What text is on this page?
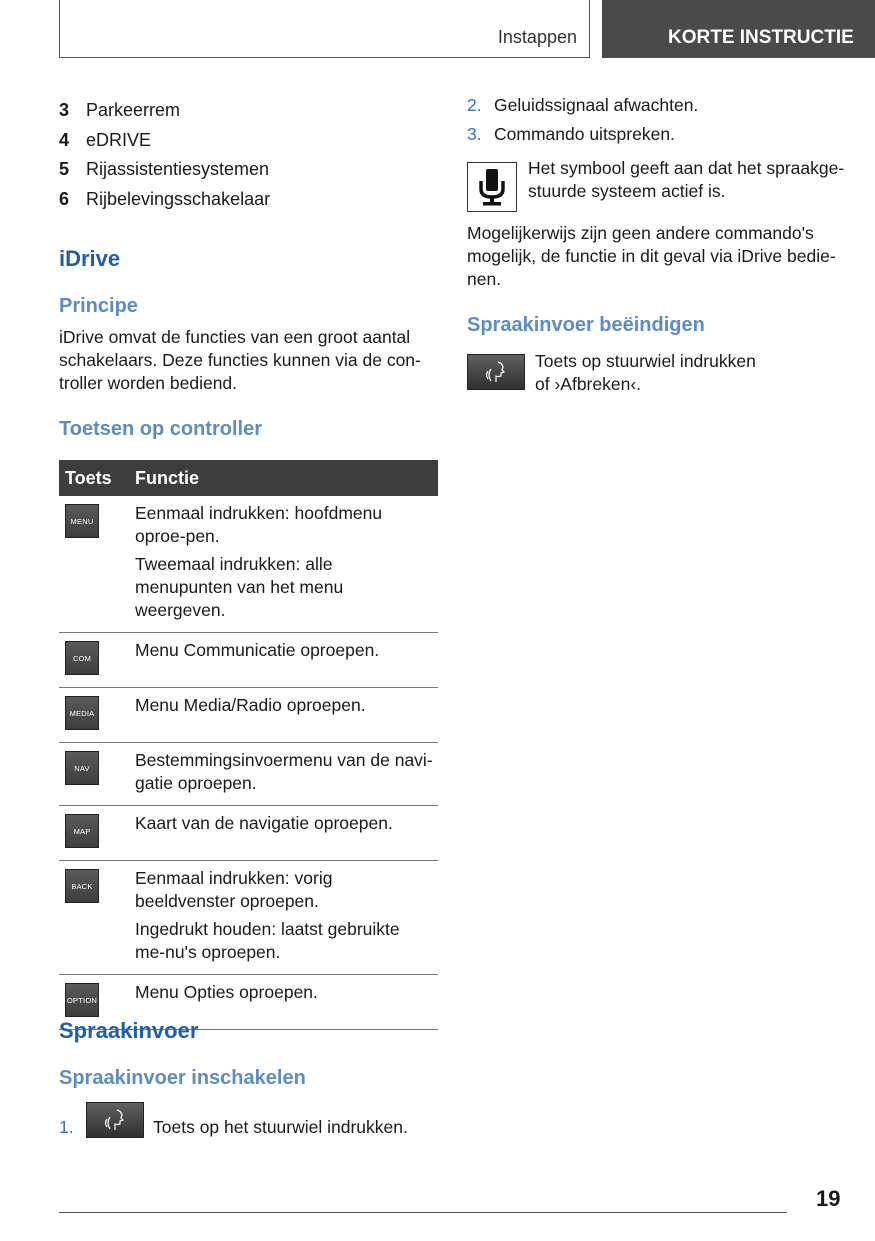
Instappen	KORTE INSTRUCTIE
3 Parkeerrem
4 eDRIVE
5 Rijassistentiesystemen
6 Rijbelevingsschakelaar
iDrive
Principe
iDrive omvat de functies van een groot aantal schakelaars. Deze functies kunnen via de con-troller worden bediend.
Toetsen op controller
Toets	Functie

MENU	Eenmaal indrukken: hoofdmenu oproe-pen.

Tweemaal indrukken: alle menupunten van het menu weergeven.

COM	Menu Communicatie oproepen.

MEDIA	Menu Media/Radio oproepen.

NAV	Bestemmingsinvoermenu van de navi-gatie oproepen.

MAP	Kaart van de navigatie oproepen.

BACK	Eenmaal indrukken: vorig beeldvenster oproepen.

Ingedrukt houden: laatst gebruikte me-nu's oproepen.

OPTION	Menu Opties oproepen.

Spraakinvoer
Spraakinvoer inschakelen
1.	Toets op het stuurwiel indrukken.
2. Geluidssignaal afwachten.
3. Commando uitspreken.
Het symbool geeft aan dat het spraakge-stuurde systeem actief is.
Mogelijkerwijs zijn geen andere commando's mogelijk, de functie in dit geval via iDrive bedie-nen.
Spraakinvoer beëindigen
Toets op stuurwiel indrukken of ›Afbreken‹.
19
